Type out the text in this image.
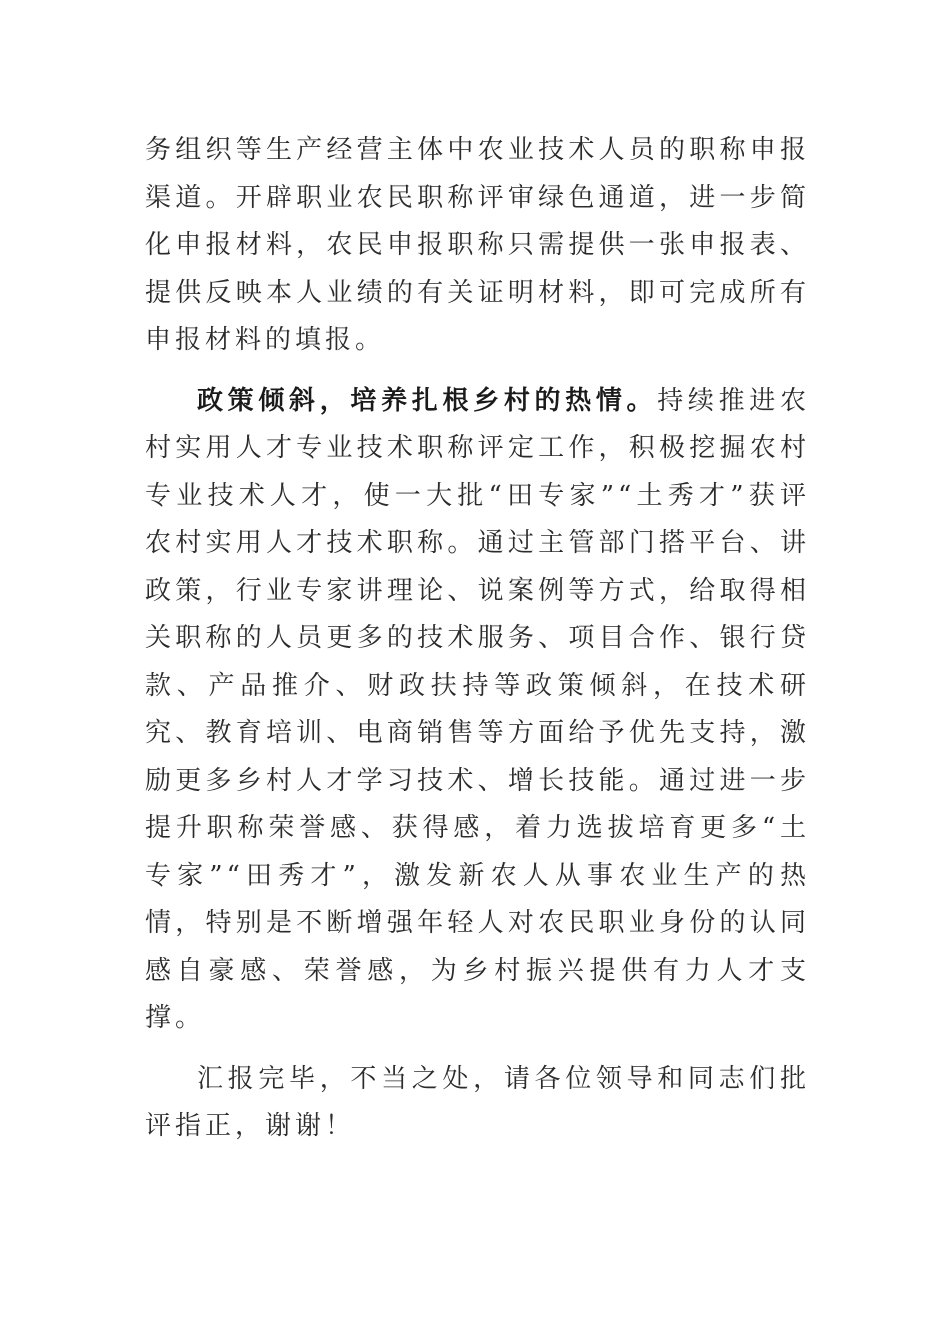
务组织等生产经营主体中农业技术人员的职称申报渠道。开辟职业农民职称评审绿色通道，进一步简化申报材料，农民申报职称只需提供一张申报表、提供反映本人业绩的有关证明材料，即可完成所有申报材料的填报。

政策倾斜，培养扎根乡村的热情。持续推进农村实用人才专业技术职称评定工作，积极挖掘农村专业技术人才，使一大批“田专家”“土秀才”获评农村实用人才技术职称。通过主管部门搭平台、讲政策，行业专家讲理论、说案例等方式，给取得相关职称的人员更多的技术服务、项目合作、银行贷款、产品推介、财政扶持等政策倾斜，在技术研究、教育培训、电商销售等方面给予优先支持，激励更多乡村人才学习技术、增长技能。通过进一步提升职称荣誉感、获得感，着力选拔培育更多“土专家”“田秀才”，激发新农人从事农业生产的热情，特别是不断增强年轻人对农民职业身份的认同感自豪感、荣誉感，为乡村振兴提供有力人才支撑。

汇报完毕，不当之处，请各位领导和同志们批评指正，谢谢！
